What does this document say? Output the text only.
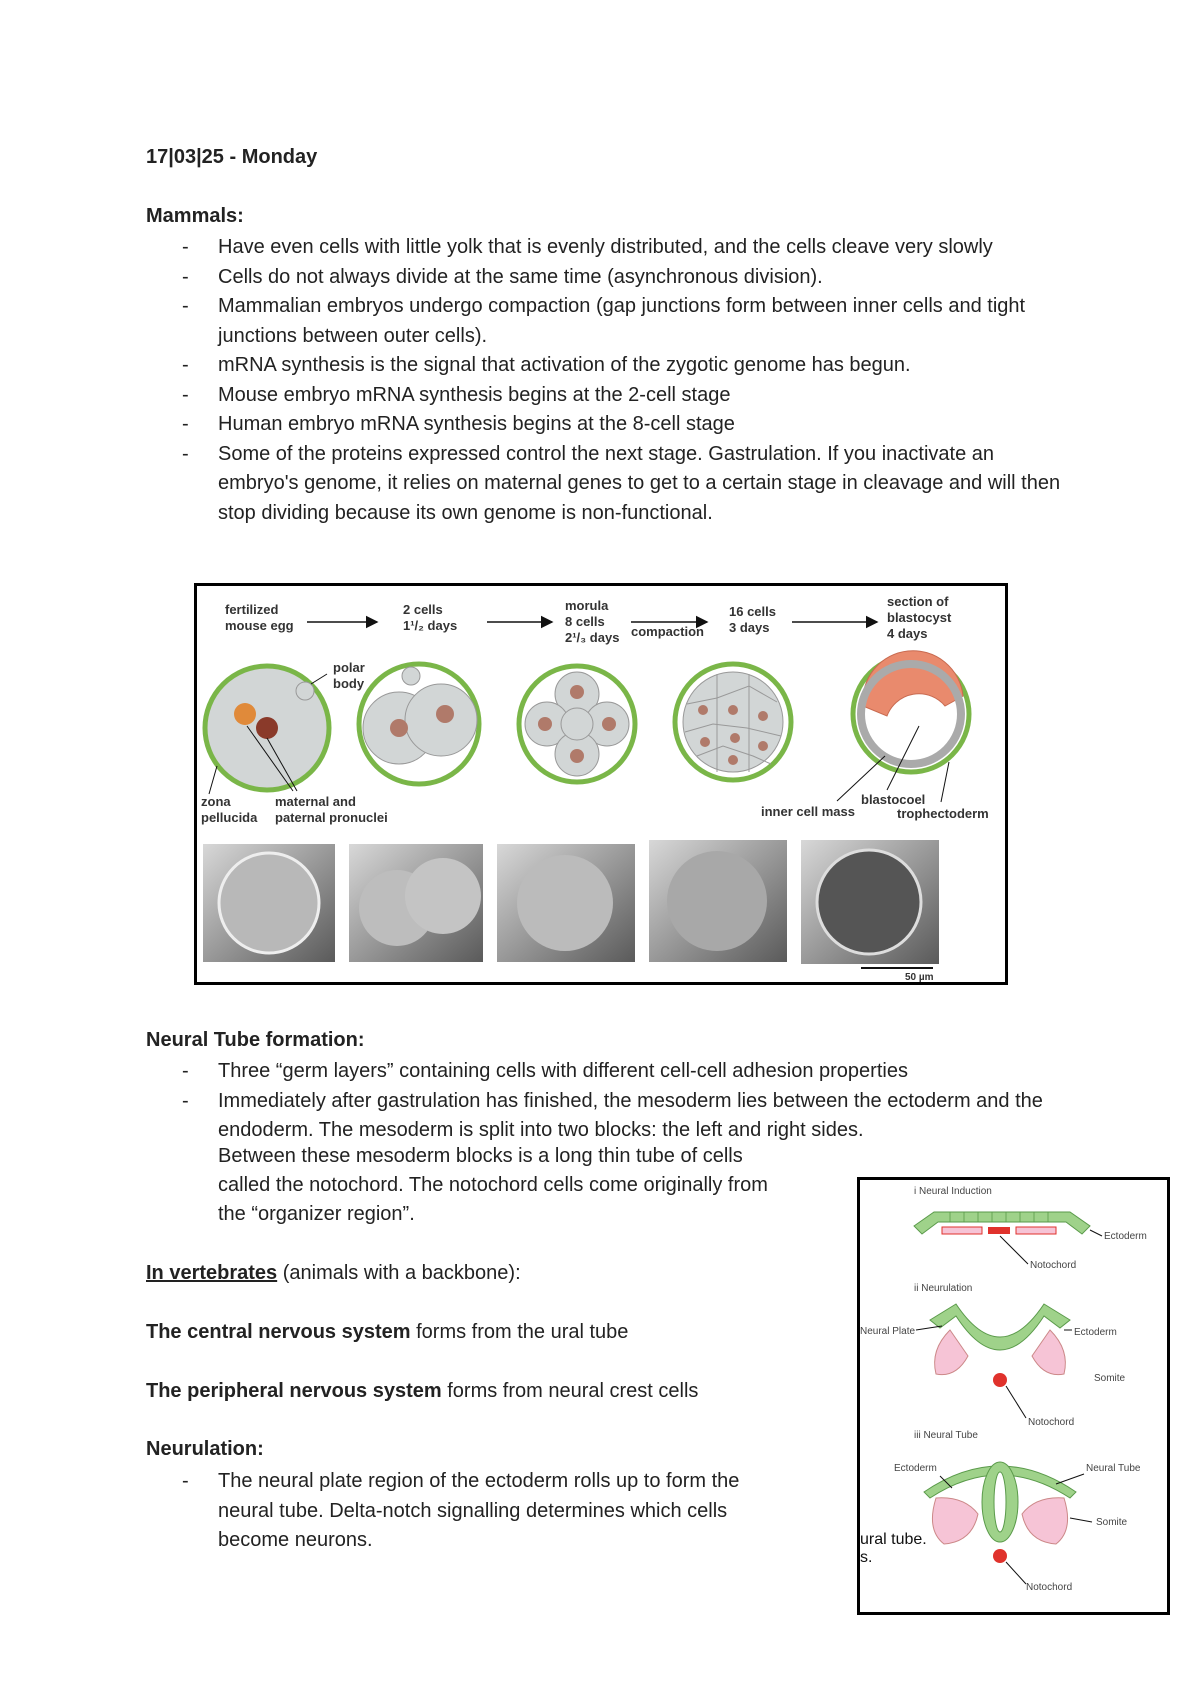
17|03|25 - Monday
Mammals:
- Have even cells with little yolk that is evenly distributed, and the cells cleave very slowly
- Cells do not always divide at the same time (asynchronous division).
- Mammalian embryos undergo compaction (gap junctions form between inner cells and tight junctions between outer cells).
- mRNA synthesis is the signal that activation of the zygotic genome has begun.
- Mouse embryo mRNA synthesis begins at the 2-cell stage
- Human embryo mRNA synthesis begins at the 8-cell stage
- Some of the proteins expressed control the next stage. Gastrulation. If you inactivate an embryo's genome, it relies on maternal genes to get to a certain stage in cleavage and will then stop dividing because its own genome is non-functional.
fertilized
mouse egg
2 cells
1¹/₂ days
morula
8 cells
2¹/₃ days compaction
16 cells
3 days
section of
blastocyst
4 days
polar
body
zona
pellucida
maternal and
paternal pronuclei	inner cell mass
blastocoel
trophectoderm
50 µm
Neural Tube formation:
- Three “germ layers” containing cells with different cell-cell adhesion properties
- Immediately after gastrulation has finished, the mesoderm lies between the ectoderm and the endoderm. The mesoderm is split into two blocks: the left and right sides.
Between these mesoderm blocks is a long thin tube of cells
called the notochord. The notochord cells come originally from
the “organizer region”.
In vertebrates (animals with a backbone):
The central nervous system forms from the ural tube
The peripheral nervous system forms from neural crest cells
Neurulation:
- The neural plate region of the ectoderm rolls up to form the
neural tube. Delta-notch signalling determines which cells
become neurons.
i Neural Induction
Ectoderm
Notochord
ii Neurulation
Neural Plate	Ectoderm
Somite
Notochord
iii Neural Tube
Ectoderm	Neural Tube
Somite
Notochord
ural tube.
s.
